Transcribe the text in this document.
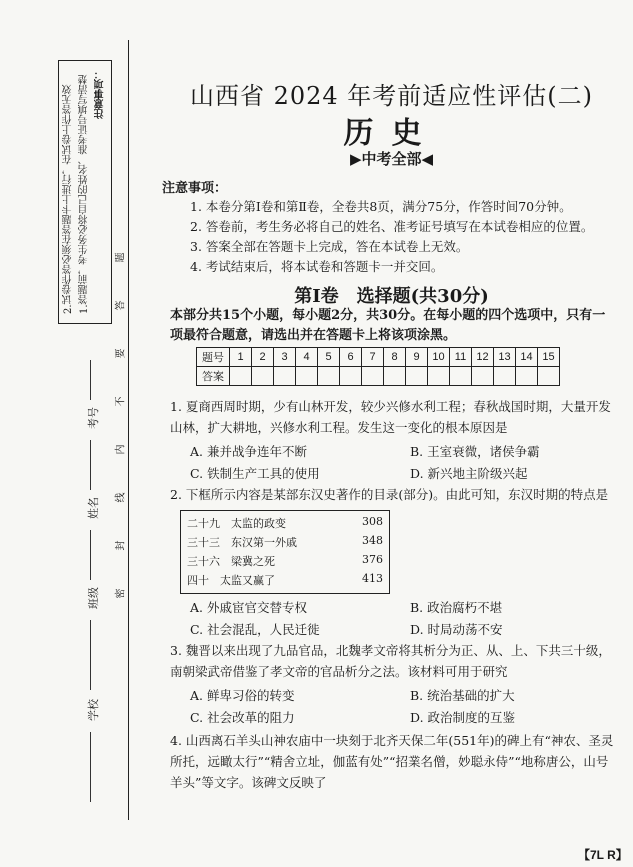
注意事项：
1.答题前，考生务必将自己的姓名、准考证号填写清楚
2.试卷作答必须在答题卡上进行，在试卷上作答无效	题
答
要
不
内
线
封
密
考号
姓名
班级
学校
山西省 2024 年考前适应性评估(二)
历史
▶中考全部◀
注意事项：
1. 本卷分第Ⅰ卷和第Ⅱ卷，全卷共8页，满分75分，作答时间70分钟。
2. 答卷前，考生务必将自己的姓名、准考证号填写在本试卷相应的位置。
3. 答案全部在答题卡上完成，答在本试卷上无效。
4. 考试结束后，将本试卷和答题卡一并交回。
第Ⅰ卷　选择题(共30分)
本部分共15个小题，每小题2分，共30分。在每小题的四个选项中，只有一项最符合题意，请选出并在答题卡上将该项涂黑。
题号	1	2	3	4	5	6	7	8	9	10	11	12	13	14	15
答案															
1. 夏商西周时期，少有山林开发，较少兴修水利工程；春秋战国时期，大量开发山林，扩大耕地，兴修水利工程。发生这一变化的根本原因是
A. 兼并战争连年不断	B. 王室衰微，诸侯争霸
C. 铁制生产工具的使用	D. 新兴地主阶级兴起
2. 下框所示内容是某部东汉史著作的目录(部分)。由此可知，东汉时期的特点是
二十九　太监的政变	308
三十三　东汉第一外戚	348
三十六　梁冀之死	376
四十　太监又赢了	413
A. 外戚宦官交替专权	B. 政治腐朽不堪
C. 社会混乱，人民迁徙	D. 时局动荡不安
3. 魏晋以来出现了九品官品，北魏孝文帝将其析分为正、从、上、下共三十级，南朝梁武帝借鉴了孝文帝的官品析分之法。该材料可用于研究
A. 鲜卑习俗的转变	B. 统治基础的扩大
C. 社会改革的阻力	D. 政治制度的互鉴
4. 山西离石羊头山神农庙中一块刻于北齐天保二年(551年)的碑上有“神农、圣灵所托，远瞰太行”“精舍立址，伽蓝有处”“招業名僧，妙聪永侍”“地称唐公，山号羊头”等文字。该碑文反映了
【7L R】
